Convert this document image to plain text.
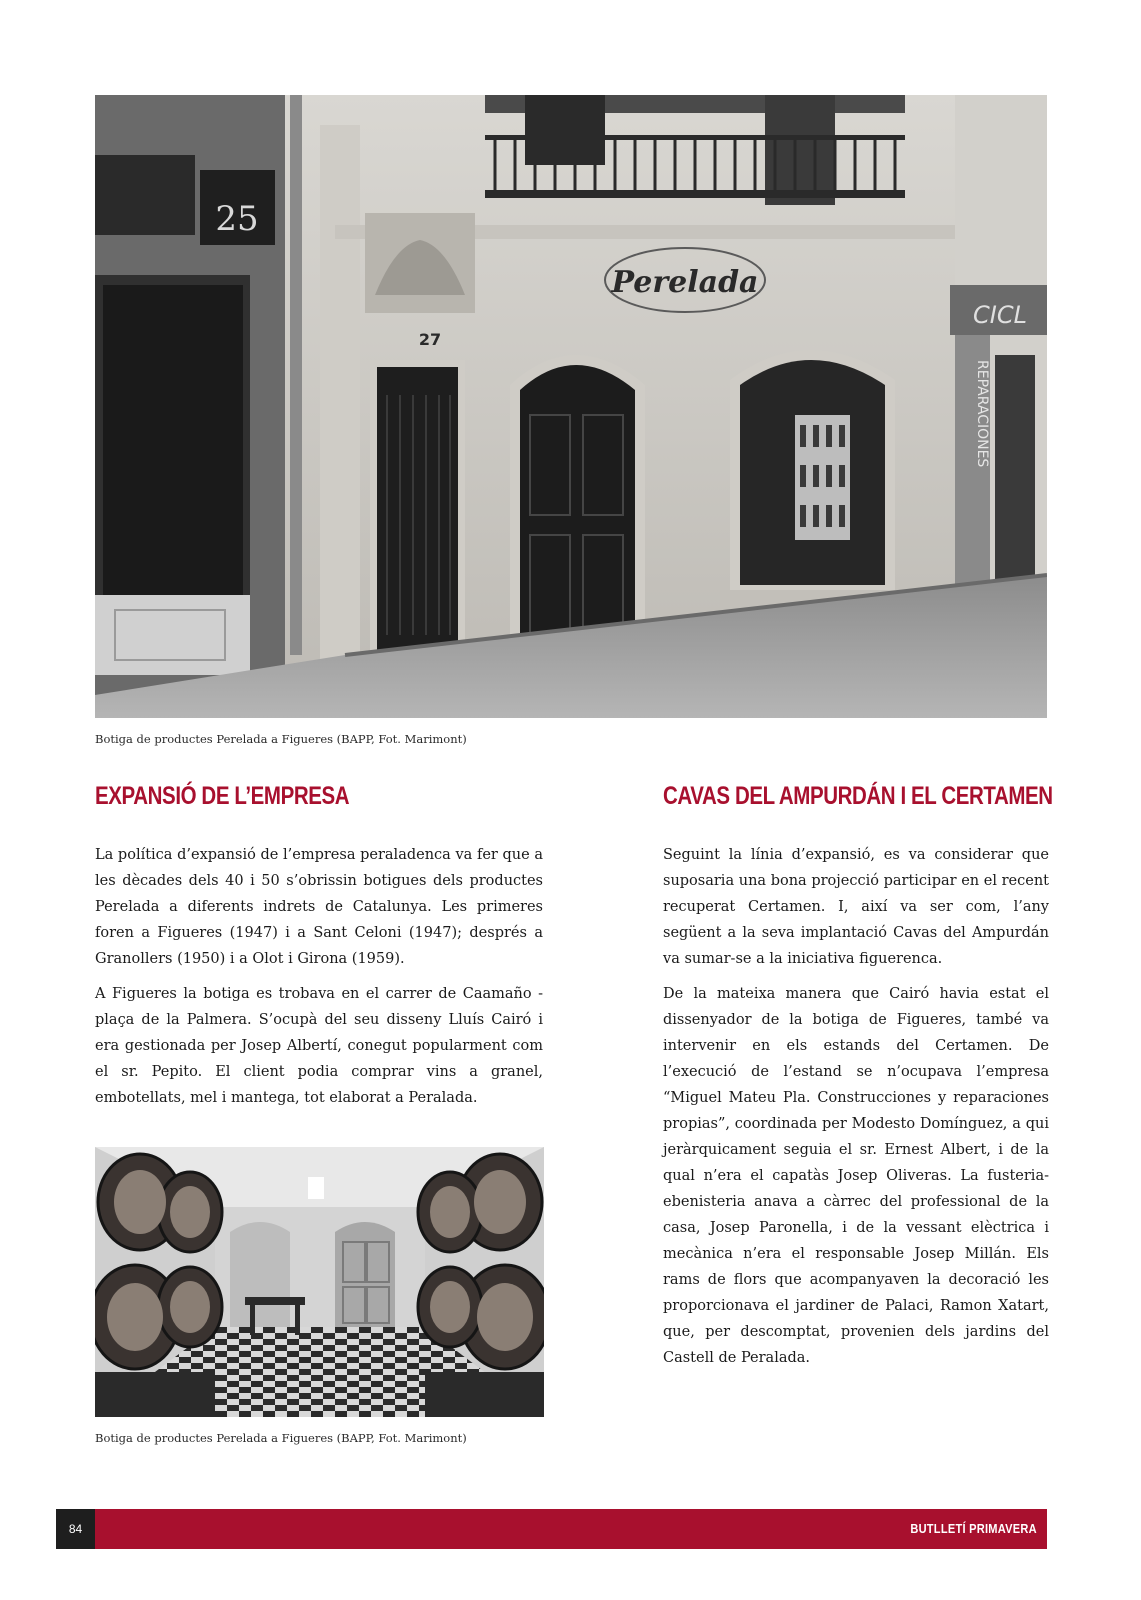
25
27
Perelada
CICL
REPARACIONES
Botiga de productes Perelada a Figueres (BAPP, Fot. Marimont)
EXPANSIÓ DE L’EMPRESA

La política d’expansió de l’empresa peraladenca va fer que a les dècades dels 40 i 50 s’obrissin botigues dels productes Perelada a diferents indrets de Catalunya. Les primeres foren a Figueres (1947) i a Sant Celoni (1947); després a Granollers (1950) i a Olot i Girona (1959).

A Figueres la botiga es trobava en el carrer de Caamaño - plaça de la Palmera. S’ocupà del seu disseny Lluís Cairó i era gestionada per Josep Albertí, conegut popularment com el sr. Pepito. El client podia comprar vins a granel, embotellats, mel i mantega, tot elaborat a Peralada.

Botiga de productes Perelada a Figueres (BAPP, Fot. Marimont)
CAVAS DEL AMPURDÁN I EL CERTAMEN

Seguint la línia d’expansió, es va considerar que suposaria una bona projecció participar en el recent recuperat Certamen. I, així va ser com, l’any següent a la seva implantació Cavas del Ampurdán va sumar-se a la iniciativa figuerenca.

De la mateixa manera que Cairó havia estat el dissenyador de la botiga de Figueres, també va intervenir en els estands del Certamen. De l’execució de l’estand se n’ocupava l’empresa “Miguel Mateu Pla. Construcciones y reparaciones propias”, coordinada per Modesto Domínguez, a qui jeràrquicament seguia el sr. Ernest Albert, i de la qual n’era el capatàs Josep Oliveras. La fusteria-ebenisteria anava a càrrec del professional de la casa, Josep Paronella, i de la vessant elèctrica i mecànica n’era el responsable Josep Millán. Els rams de flors que acompanyaven la decoració les proporcionava el jardiner de Palaci, Ramon Xatart, que, per descomptat, provenien dels jardins del Castell de Peralada.

84	BUTLLETÍ PRIMAVERA
